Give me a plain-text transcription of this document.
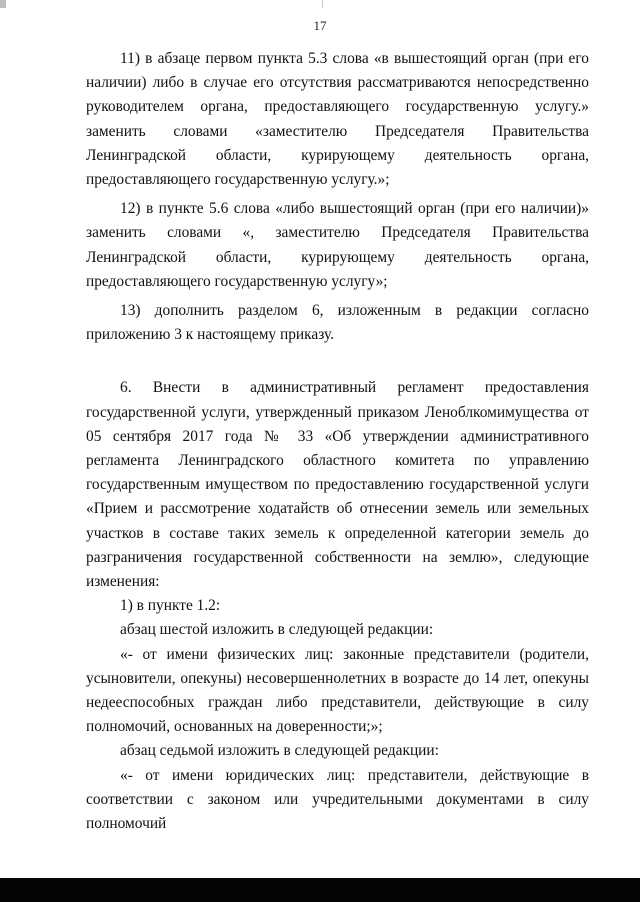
17

11) в абзаце первом пункта 5.3 слова «в вышестоящий орган (при его наличии) либо в случае его отсутствия рассматриваются непосредственно руководителем органа, предоставляющего государственную услугу.» заменить словами «заместителю Председателя Правительства Ленинградской области, курирующему деятельность органа, предоставляющего государственную услугу.»;

12) в пункте 5.6 слова «либо вышестоящий орган (при его наличии)» заменить словами «, заместителю Председателя Правительства Ленинградской области, курирующему деятельность органа, предоставляющего государственную услугу»;

13) дополнить разделом 6, изложенным в редакции согласно приложению 3 к настоящему приказу.

6. Внести в административный регламент предоставления государственной услуги, утвержденный приказом Леноблкомимущества от 05 сентября 2017 года № 33 «Об утверждении административного регламента Ленинградского областного комитета по управлению государственным имуществом по предоставлению государственной услуги «Прием и рассмотрение ходатайств об отнесении земель или земельных участков в составе таких земель к определенной категории земель до разграничения государственной собственности на землю», следующие изменения:

1) в пункте 1.2:

абзац шестой изложить в следующей редакции:

«- от имени физических лиц: законные представители (родители, усыновители, опекуны) несовершеннолетних в возрасте до 14 лет, опекуны недееспособных граждан либо представители, действующие в силу полномочий, основанных на доверенности;»;

абзац седьмой изложить в следующей редакции:

«- от имени юридических лиц: представители, действующие в соответствии с законом или учредительными документами в силу полномочий
